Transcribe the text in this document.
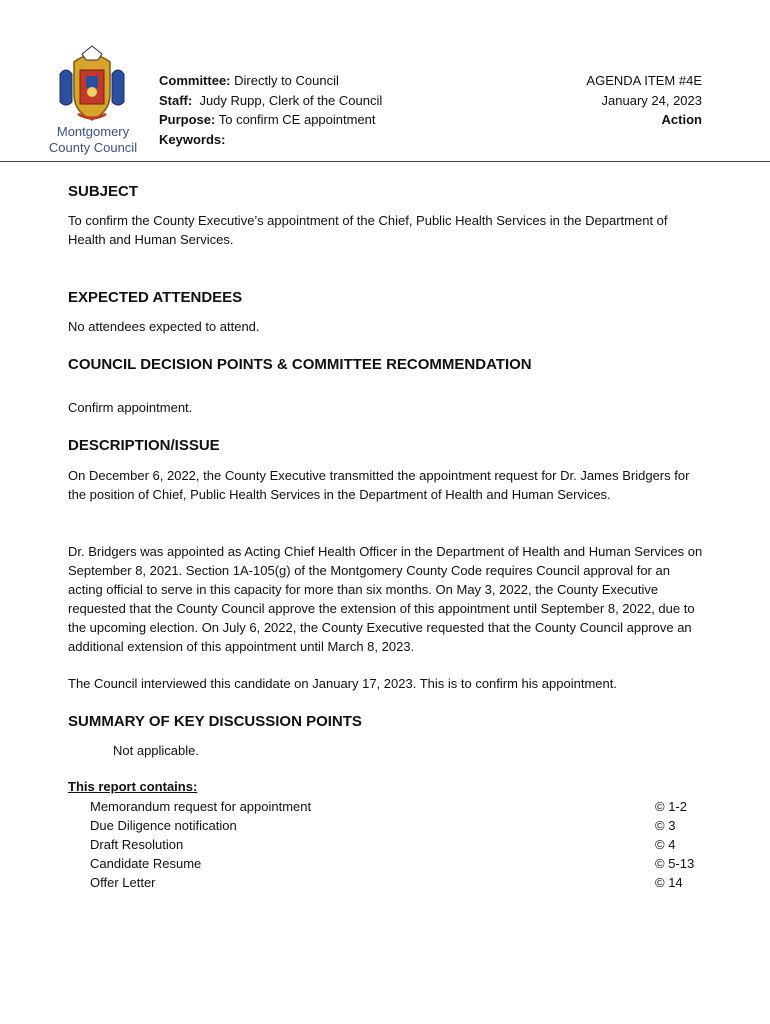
Montgomery County Council
Committee: Directly to Council
Staff:  Judy Rupp, Clerk of the Council
Purpose: To confirm CE appointment
Keywords:
AGENDA ITEM #4E
January 24, 2023
Action
SUBJECT

To confirm the County Executive’s appointment of the Chief, Public Health Services in the Department of Health and Human Services.

EXPECTED ATTENDEES

No attendees expected to attend.

COUNCIL DECISION POINTS & COMMITTEE RECOMMENDATION

Confirm appointment.

DESCRIPTION/ISSUE

On December 6, 2022, the County Executive transmitted the appointment request for Dr. James Bridgers for the position of Chief, Public Health Services in the Department of Health and Human Services.

Dr. Bridgers was appointed as Acting Chief Health Officer in the Department of Health and Human Services on September 8, 2021. Section 1A-105(g) of the Montgomery County Code requires Council approval for an acting official to serve in this capacity for more than six months. On May 3, 2022, the County Executive requested that the County Council approve the extension of this appointment until September 8, 2022, due to the upcoming election. On July 6, 2022, the County Executive requested that the County Council approve an additional extension of this appointment until March 8, 2023.

The Council interviewed this candidate on January 17, 2023. This is to confirm his appointment.

SUMMARY OF KEY DISCUSSION POINTS

Not applicable.

This report contains:
Memorandum request for appointment	© 1-2
Due Diligence notification	© 3
Draft Resolution	© 4
Candidate Resume	© 5-13
Offer Letter	© 14
